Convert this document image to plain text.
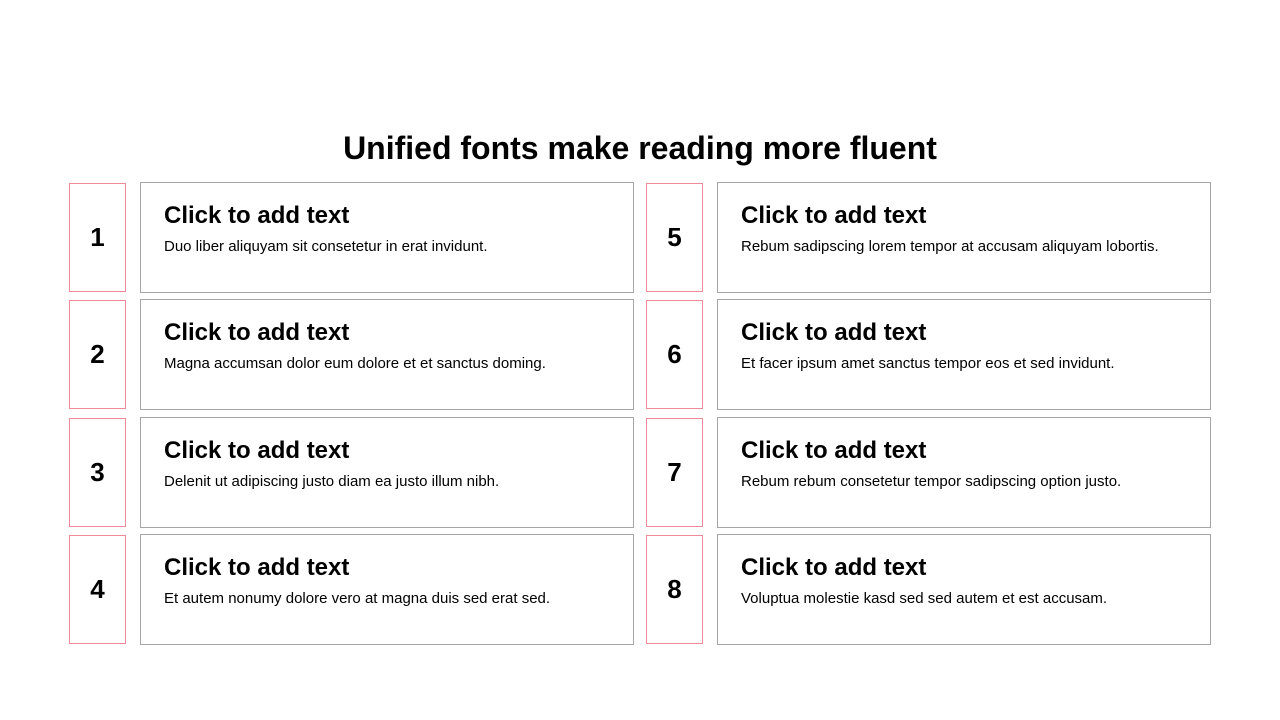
Unified fonts make reading more fluent
1
Click to add text
Duo liber aliquyam sit consetetur in erat invidunt.
2
Click to add text
Magna accumsan dolor eum dolore et et sanctus doming.
3
Click to add text
Delenit ut adipiscing justo diam ea justo illum nibh.
4
Click to add text
Et autem nonumy dolore vero at magna duis sed erat sed.
5
Click to add text
Rebum sadipscing lorem tempor at accusam aliquyam lobortis.
6
Click to add text
Et facer ipsum amet sanctus tempor eos et sed invidunt.
7
Click to add text
Rebum rebum consetetur tempor sadipscing option justo.
8
Click to add text
Voluptua molestie kasd sed sed autem et est accusam.
